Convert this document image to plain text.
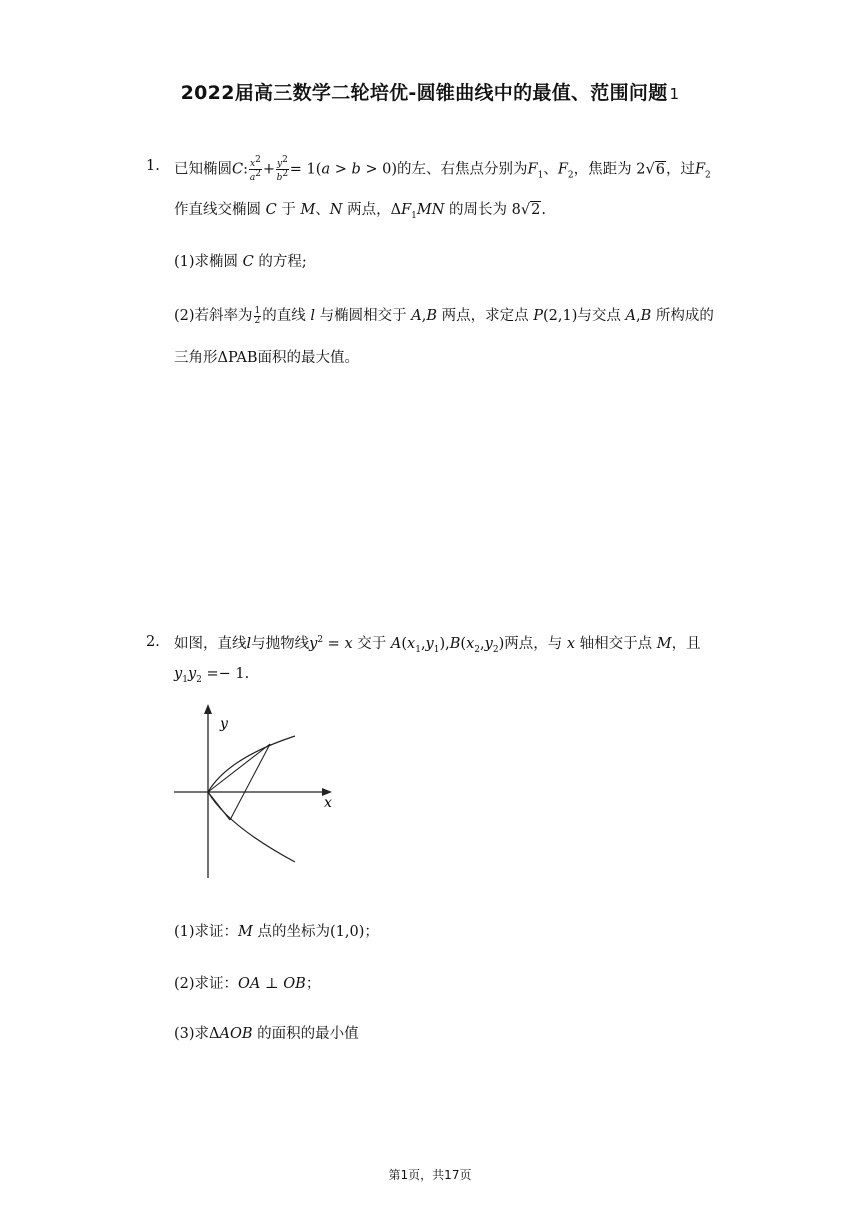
2022届高三数学二轮培优-圆锥曲线中的最值、范围问题 1
1. 已知椭圆C: $\frac{x^2}{a^2} + \frac{y^2}{b^2} = 1(a > b > 0)$的左、右焦点分别为$F_1$、$F_2$，焦距为 2√6，过$F_2$
作直线交椭圆 C 于 M、N 两点，$\Delta F_1MN$ 的周长为 8√2.
(1)求椭圆 C 的方程;
(2)若斜率为 $\frac{1}{2}$ 的直线 l 与椭圆相交于 A,B 两点，求定点 P(2,1)与交点 A,B 所构成的
三角形ΔPAB面积的最大值。
2. 如图，直线l与抛物线$y^2 = x$ 交于 $A(x_1,y_1),B(x_2,y_2)$两点，与 x 轴相交于点 M，且
$y_1y_2 =- 1$.
y
x
(1)求证：M 点的坐标为(1,0)；
(2)求证：OA ⊥ OB；
(3)求ΔAOB 的面积的最小值
第1页，共17页
